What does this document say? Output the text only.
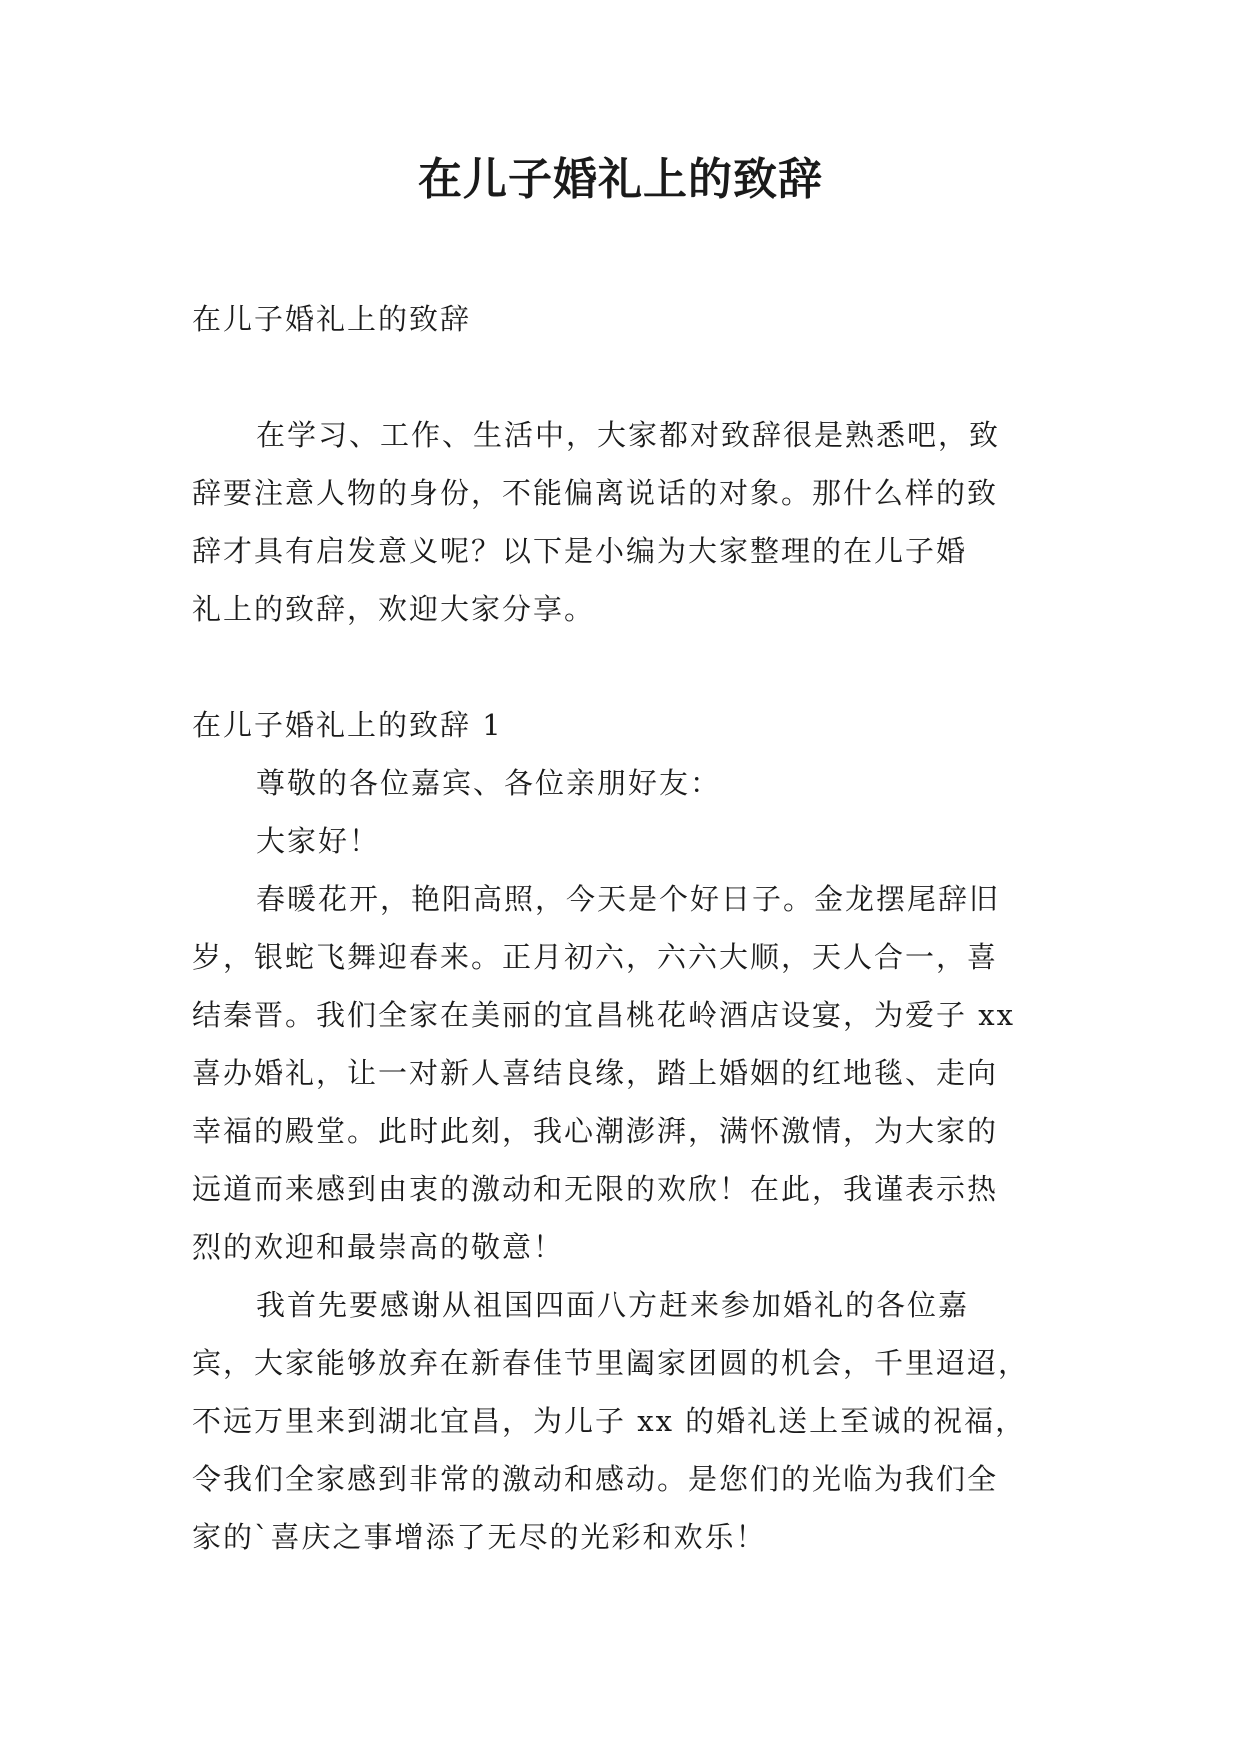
在儿子婚礼上的致辞

在儿子婚礼上的致辞

在学习、工作、生活中，大家都对致辞很是熟悉吧，致

辞要注意人物的身份，不能偏离说话的对象。那什么样的致

辞才具有启发意义呢？以下是小编为大家整理的在儿子婚

礼上的致辞，欢迎大家分享。

在儿子婚礼上的致辞 1

尊敬的各位嘉宾、各位亲朋好友：

大家好！

春暖花开，艳阳高照，今天是个好日子。金龙摆尾辞旧

岁，银蛇飞舞迎春来。正月初六，六六大顺，天人合一，喜

结秦晋。我们全家在美丽的宜昌桃花岭酒店设宴，为爱子 xx

喜办婚礼，让一对新人喜结良缘，踏上婚姻的红地毯、走向

幸福的殿堂。此时此刻，我心潮澎湃，满怀激情，为大家的

远道而来感到由衷的激动和无限的欢欣！在此，我谨表示热

烈的欢迎和最崇高的敬意！

我首先要感谢从祖国四面八方赶来参加婚礼的各位嘉

宾，大家能够放弃在新春佳节里阖家团圆的机会，千里迢迢，

不远万里来到湖北宜昌，为儿子 xx 的婚礼送上至诚的祝福，

令我们全家感到非常的激动和感动。是您们的光临为我们全

家的`喜庆之事增添了无尽的光彩和欢乐！
